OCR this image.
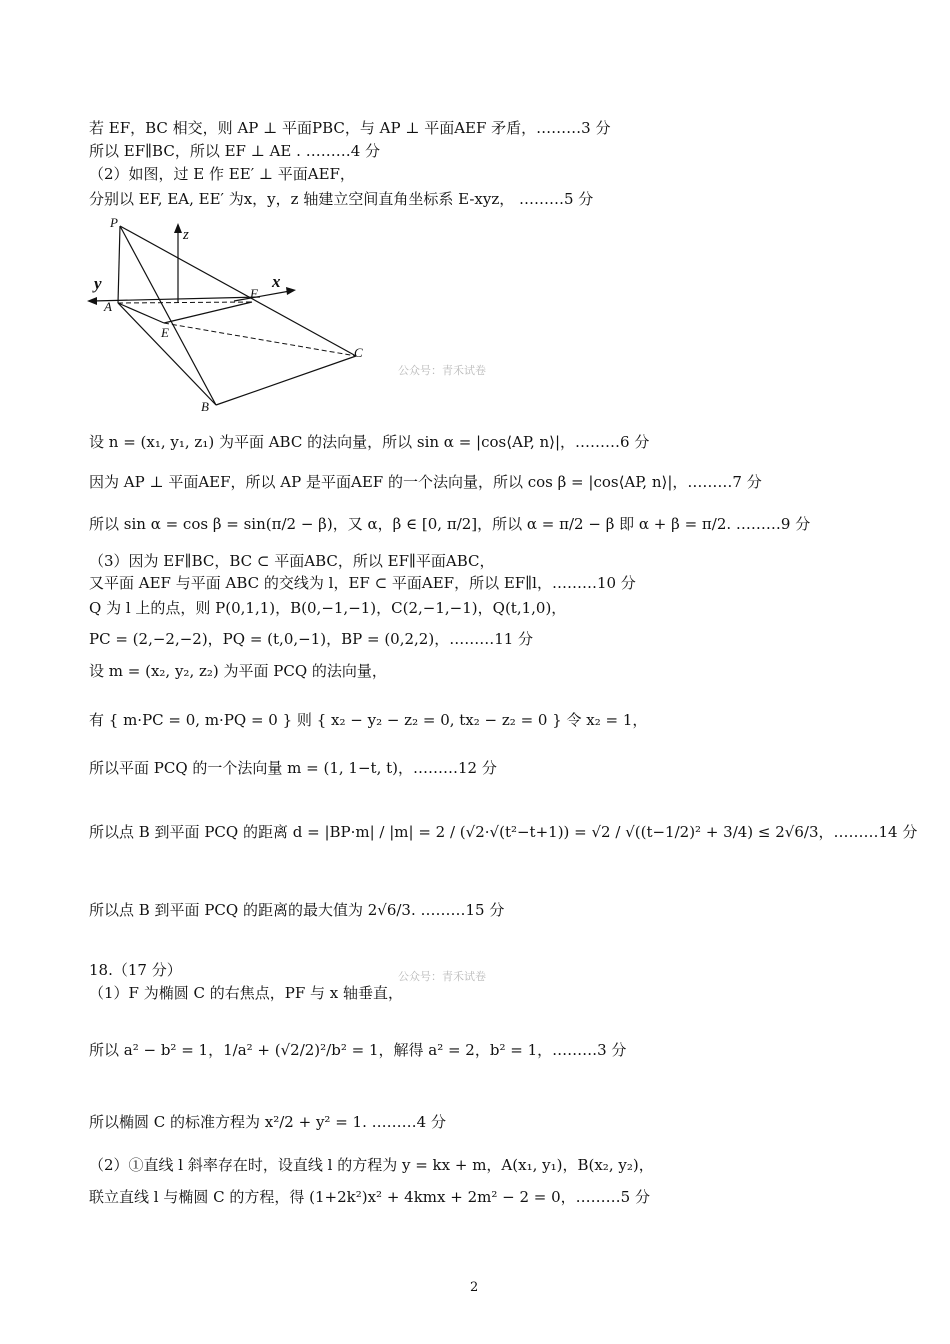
若 EF，BC 相交，则 AP ⊥ 平面PBC，与 AP ⊥ 平面AEF 矛盾，………3 分
所以 EF∥BC，所以 EF ⊥ AE . ………4 分
（2）如图，过 E 作 EE′ ⊥ 平面AEF，
分别以 EF, EA, EE′ 为x，y，z 轴建立空间直角坐标系 E-xyz， ………5 分
P
A
E
F
B
C
x
y
z
公众号：青禾试卷
设 n = (x₁, y₁, z₁) 为平面 ABC 的法向量，所以 sin α = |cos⟨AP, n⟩|，………6 分
因为 AP ⊥ 平面AEF，所以 AP 是平面AEF 的一个法向量，所以 cos β = |cos⟨AP, n⟩|，………7 分
所以 sin α = cos β = sin(π/2 − β)，又 α，β ∈ [0, π/2]，所以 α = π/2 − β 即 α + β = π/2. ………9 分
（3）因为 EF∥BC，BC ⊂ 平面ABC，所以 EF∥平面ABC，
又平面 AEF 与平面 ABC 的交线为 l，EF ⊂ 平面AEF，所以 EF∥l，………10 分
Q 为 l 上的点，则 P(0,1,1)，B(0,−1,−1)，C(2,−1,−1)，Q(t,1,0)，
PC = (2,−2,−2)，PQ = (t,0,−1)，BP = (0,2,2)，………11 分
设 m = (x₂, y₂, z₂) 为平面 PCQ 的法向量，
有 { m·PC = 0, m·PQ = 0 } 则 { x₂ − y₂ − z₂ = 0, tx₂ − z₂ = 0 } 令 x₂ = 1，
所以平面 PCQ 的一个法向量 m = (1, 1−t, t)，………12 分
所以点 B 到平面 PCQ 的距离 d = |BP·m| / |m| = 2 / (√2·√(t²−t+1)) = √2 / √((t−1/2)² + 3/4) ≤ 2√6/3，………14 分
所以点 B 到平面 PCQ 的距离的最大值为 2√6/3. ………15 分
18.（17 分）	公众号：青禾试卷
（1）F 为椭圆 C 的右焦点，PF 与 x 轴垂直，
所以 a² − b² = 1，1/a² + (√2/2)²/b² = 1，解得 a² = 2，b² = 1，………3 分
所以椭圆 C 的标准方程为 x²/2 + y² = 1. ………4 分
（2）①直线 l 斜率存在时，设直线 l 的方程为 y = kx + m，A(x₁, y₁)，B(x₂, y₂)，
联立直线 l 与椭圆 C 的方程，得 (1+2k²)x² + 4kmx + 2m² − 2 = 0，………5 分
2
